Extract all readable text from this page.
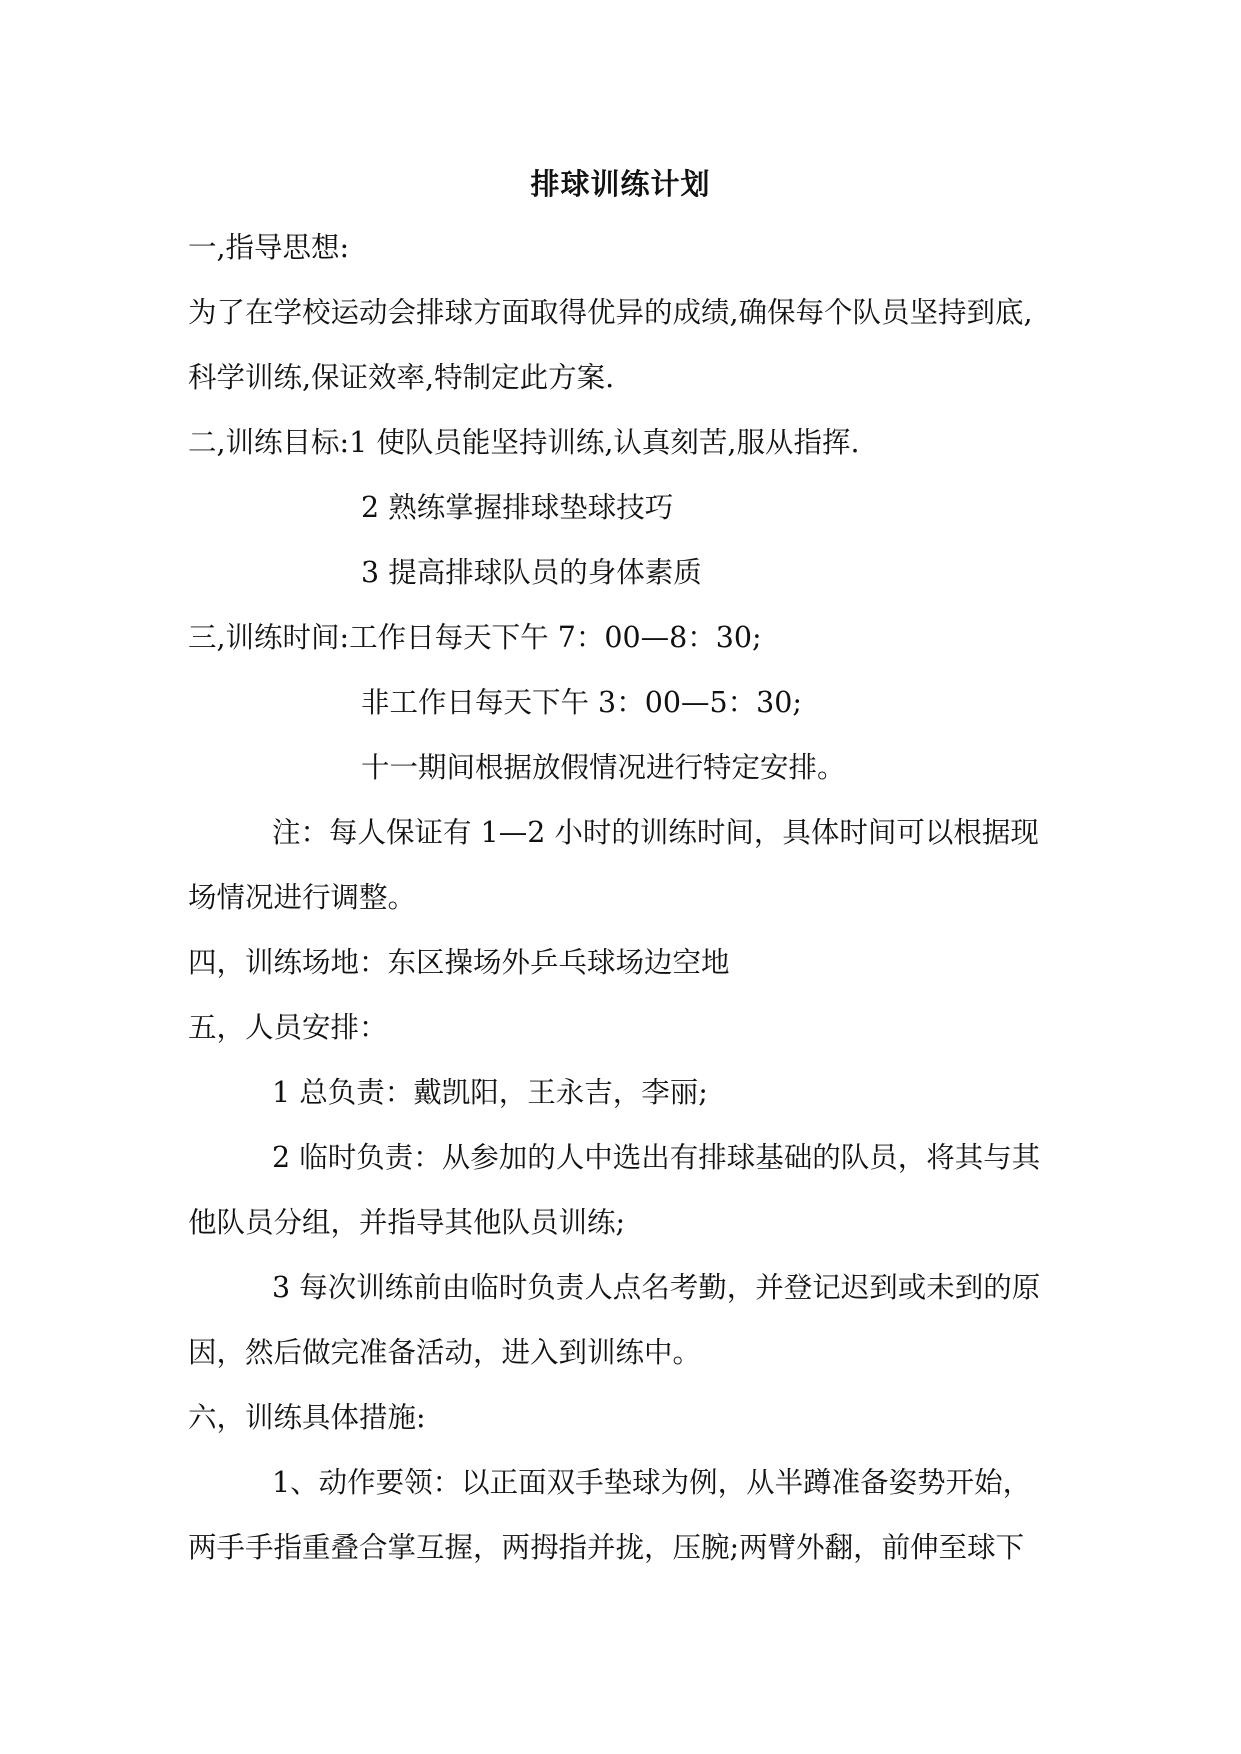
排球训练计划
一,指导思想:
为了在学校运动会排球方面取得优异的成绩,确保每个队员坚持到底,
科学训练,保证效率,特制定此方案.
二,训练目标:1 使队员能坚持训练,认真刻苦,服从指挥.
2 熟练掌握排球垫球技巧
3 提高排球队员的身体素质
三,训练时间:工作日每天下午 7：00—8：30;
非工作日每天下午 3：00—5：30;
十一期间根据放假情况进行特定安排。
注：每人保证有 1—2 小时的训练时间，具体时间可以根据现
场情况进行调整。
四，训练场地：东区操场外乒乓球场边空地
五，人员安排：
1 总负责：戴凯阳，王永吉，李丽;
2 临时负责：从参加的人中选出有排球基础的队员，将其与其
他队员分组，并指导其他队员训练;
3 每次训练前由临时负责人点名考勤，并登记迟到或未到的原
因，然后做完准备活动，进入到训练中。
六，训练具体措施:
1、动作要领：以正面双手垫球为例，从半蹲准备姿势开始，
两手手指重叠合掌互握，两拇指并拢，压腕;两臂外翻，前伸至球下
